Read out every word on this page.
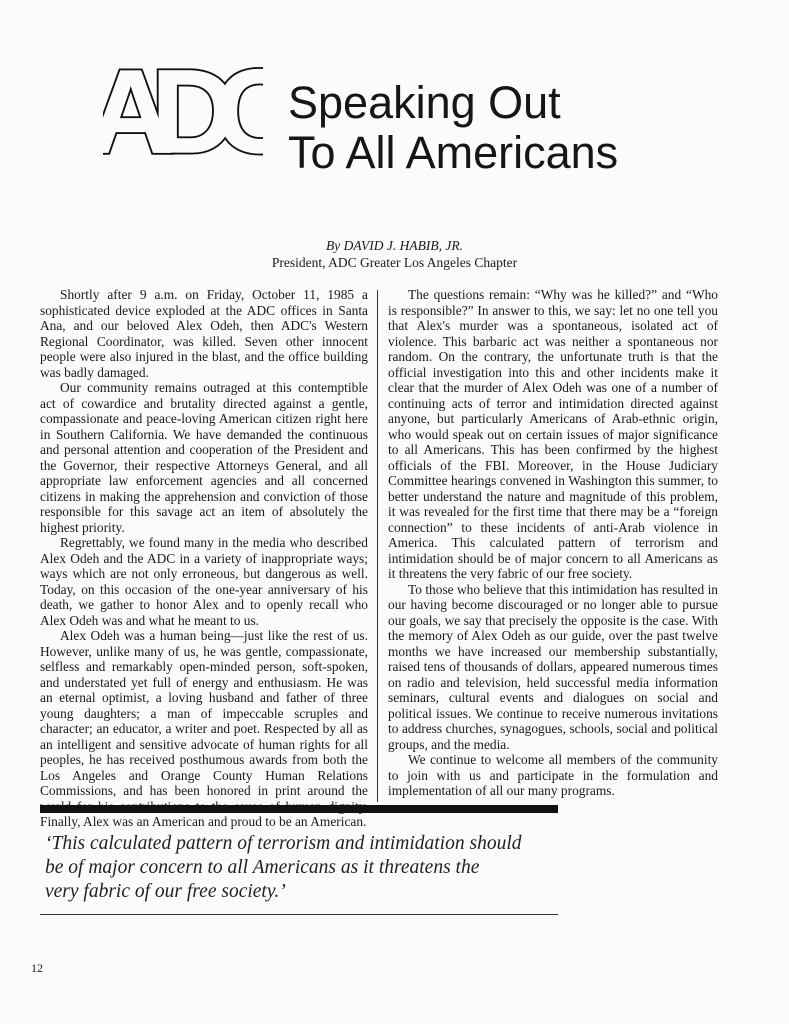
ADC
ADC Speaking Out
To All Americans
By DAVID J. HABIB, JR.
President, ADC Greater Los Angeles Chapter

Shortly after 9 a.m. on Friday, October 11, 1985 a sophisticated device exploded at the ADC offices in Santa Ana, and our beloved Alex Odeh, then ADC's Western Regional Coordinator, was killed. Seven other innocent people were also injured in the blast, and the office building was badly damaged.

Our community remains outraged at this contemptible act of cowardice and brutality directed against a gentle, compassionate and peace-loving American citizen right here in Southern California. We have demanded the continuous and personal attention and cooperation of the President and the Governor, their respective Attorneys General, and all appropriate law enforcement agencies and all concerned citizens in making the apprehension and conviction of those responsible for this savage act an item of absolutely the highest priority.

Regrettably, we found many in the media who described Alex Odeh and the ADC in a variety of inappropriate ways; ways which are not only erroneous, but dangerous as well. Today, on this occasion of the one-year anniversary of his death, we gather to honor Alex and to openly recall who Alex Odeh was and what he meant to us.

Alex Odeh was a human being—just like the rest of us. However, unlike many of us, he was gentle, compassionate, selfless and remarkably open-minded person, soft-spoken, and understated yet full of energy and enthusiasm. He was an eternal optimist, a loving husband and father of three young daughters; a man of impeccable scruples and character; an educator, a writer and poet. Respected by all as an intelligent and sensitive advocate of human rights for all peoples, he has received posthumous awards from both the Los Angeles and Orange County Human Relations Commissions, and has been honored in print around the Finally, Alex was an American and proud to be an American.

The questions remain: “Why was he killed?” and “Who is responsible?” In answer to this, we say: let no one tell you that Alex's murder was a spontaneous, isolated act of violence. This barbaric act was neither a spontaneous nor random. On the contrary, the unfortunate truth is that the official investigation into this and other incidents make it clear that the murder of Alex Odeh was one of a number of continuing acts of terror and intimidation directed against anyone, but particularly Americans of Arab-ethnic origin, who would speak out on certain issues of major significance to all Americans. This has been confirmed by the highest officials of the FBI. Moreover, in the House Judiciary Committee hearings convened in Washington this summer, to better understand the nature and magnitude of this problem, it was revealed for the first time that there may be a “foreign connection” to these incidents of anti-Arab violence in America. This calculated pattern of terrorism and intimidation should be of major concern to all Americans as it threatens the very fabric of our free society.

To those who believe that this intimidation has resulted in our having become discouraged or no longer able to pursue our goals, we say that precisely the opposite is the case. With the memory of Alex Odeh as our guide, over the past twelve months we have increased our membership substantially, raised tens of thousands of dollars, appeared numerous times on radio and television, held successful media information seminars, cultural events and dialogues on social and political issues. We continue to receive numerous invitations to address churches, synagogues, schools, social and political groups, and the media.

We continue to welcome all members of the community to join with us and participate in the formulation and implementation of all our many programs.

‘This calculated pattern of terrorism and intimidation should
be of major concern to all Americans as it threatens the
very fabric of our free society.’
12
